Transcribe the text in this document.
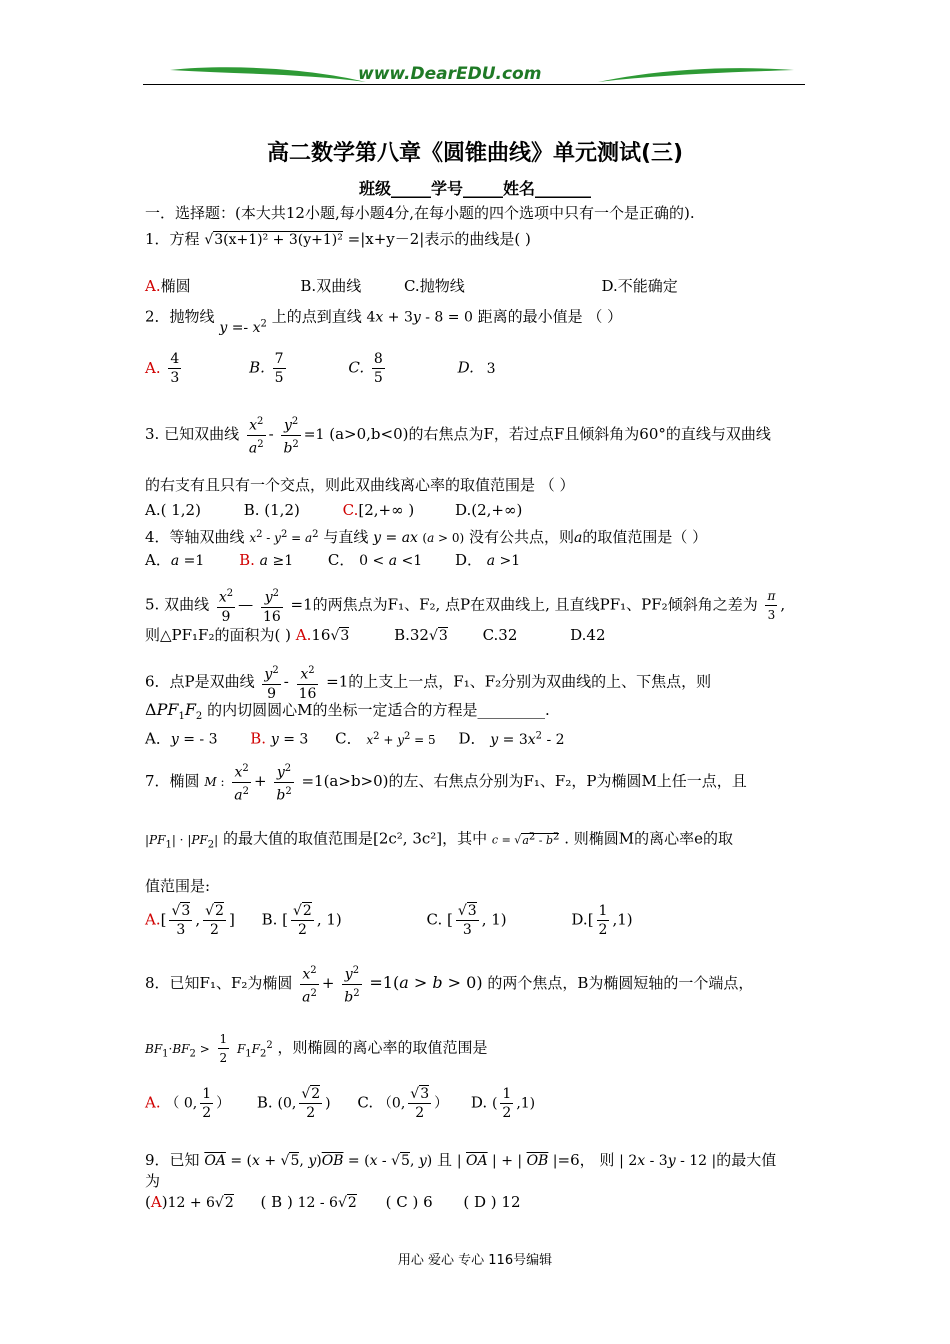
www.DearEDU.com
高二数学第八章《圆锥曲线》单元测试(三)
班级_____学号_____姓名_______
一．选择题：(本大共12小题,每小题4分,在每小题的四个选项中只有一个是正确的).
1．方程 √3(x+1)² + 3(y+1)² =|x+y－2|表示的曲线是( )
A.椭圆	B.双曲线	C.抛物线	D.不能确定
2．抛物线 $y =- x^2$ 上的点到直线 4x + 3y - 8 = 0 距离的最小值是 （ ）
A. $\frac{4}{3}$	B. $\frac{7}{5}$	C. $\frac{8}{5}$	D. 3
3. 已知双曲线 $\frac{x^2}{a^2} - \frac{y^2}{b^2} =1$ (a>0,b<0)的右焦点为F，若过点F且倾斜角为60°的直线与双曲线
的右支有且只有一个交点，则此双曲线离心率的取值范围是 （ ）
A.( 1,2)	B. (1,2)	C.[2,+∞ )	D.(2,+∞)
4．等轴双曲线 $x^2 - y^2 = a^2$ 与直线 y = ax (a > 0) 没有公共点，则a的取值范围是（ ）
A．a =1 B. a ≥1 C． 0 < a <1 D． a >1
5. 双曲线 $\frac{x^2}{9}$ — $\frac{y^2}{16} =1$的两焦点为F₁、F₂, 点P在双曲线上, 且直线PF₁、PF₂倾斜角之差为 $\frac{\pi}{3}$ ,
则△PF₁F₂的面积为( ) A.16√3	B.32√3 C.32	D.42
6．点P是双曲线 $\frac{y^2}{9} - \frac{x^2}{16} =1$的上支上一点，F₁、F₂分别为双曲线的上、下焦点，则
$\Delta PF_1F_2$ 的内切圆圆心M的坐标一定适合的方程是_________.
A．y = - 3 B. y = 3 C． $x^2 + y^2 = 5$ D． $y = 3x^2 - 2$
7．椭圆 M : $\frac{x^2}{a^2} + \frac{y^2}{b^2} =1(a>b>0)$的左、右焦点分别为F₁、F₂，P为椭圆M上任一点，且
$|PF_1| \cdot |PF_2|$ 的最大值的取值范围是[2c², 3c²]，其中 $c = √a^2 - b^2$ . 则椭圆M的离心率e的取
值范围是:
$A.[ \frac{√3}{3}$ , $\frac{√2}{2}$ ] B. [ $\frac{√2}{2}$ , 1)	C. [ $\frac{√3}{3}$ , 1)	$D.[ \frac{1}{2} ,1)$
8．已知F₁、F₂为椭圆 $\frac{x^2}{a^2} + \frac{y^2}{b^2} =1(a > b > 0)$ 的两个焦点，B为椭圆短轴的一个端点，
$BF_1\cdot BF_2 > \frac{1}{2} F_1F_2^2$ ，则椭圆的离心率的取值范围是
A. （ 0, $\frac{1}{2}$ ） B. (0, $\frac{√2}{2}$ ) C. （0, $\frac{√3}{2}$ ） D. ( $\frac{1}{2} ,1$)
9．已知 $\overline{OA} = (x + √5$, $y)\overline{OB} = (x - √5$, y) 且 | $\overline{OA}$ | + | $\overline{OB}$ |=6， 则 | 2x - 3y - 12 |的最大值
为
(A)12 + 6√2 ( B ) 12 - 6√2 ( C ) 6 ( D ) 12
用心 爱心 专心 116号编辑
